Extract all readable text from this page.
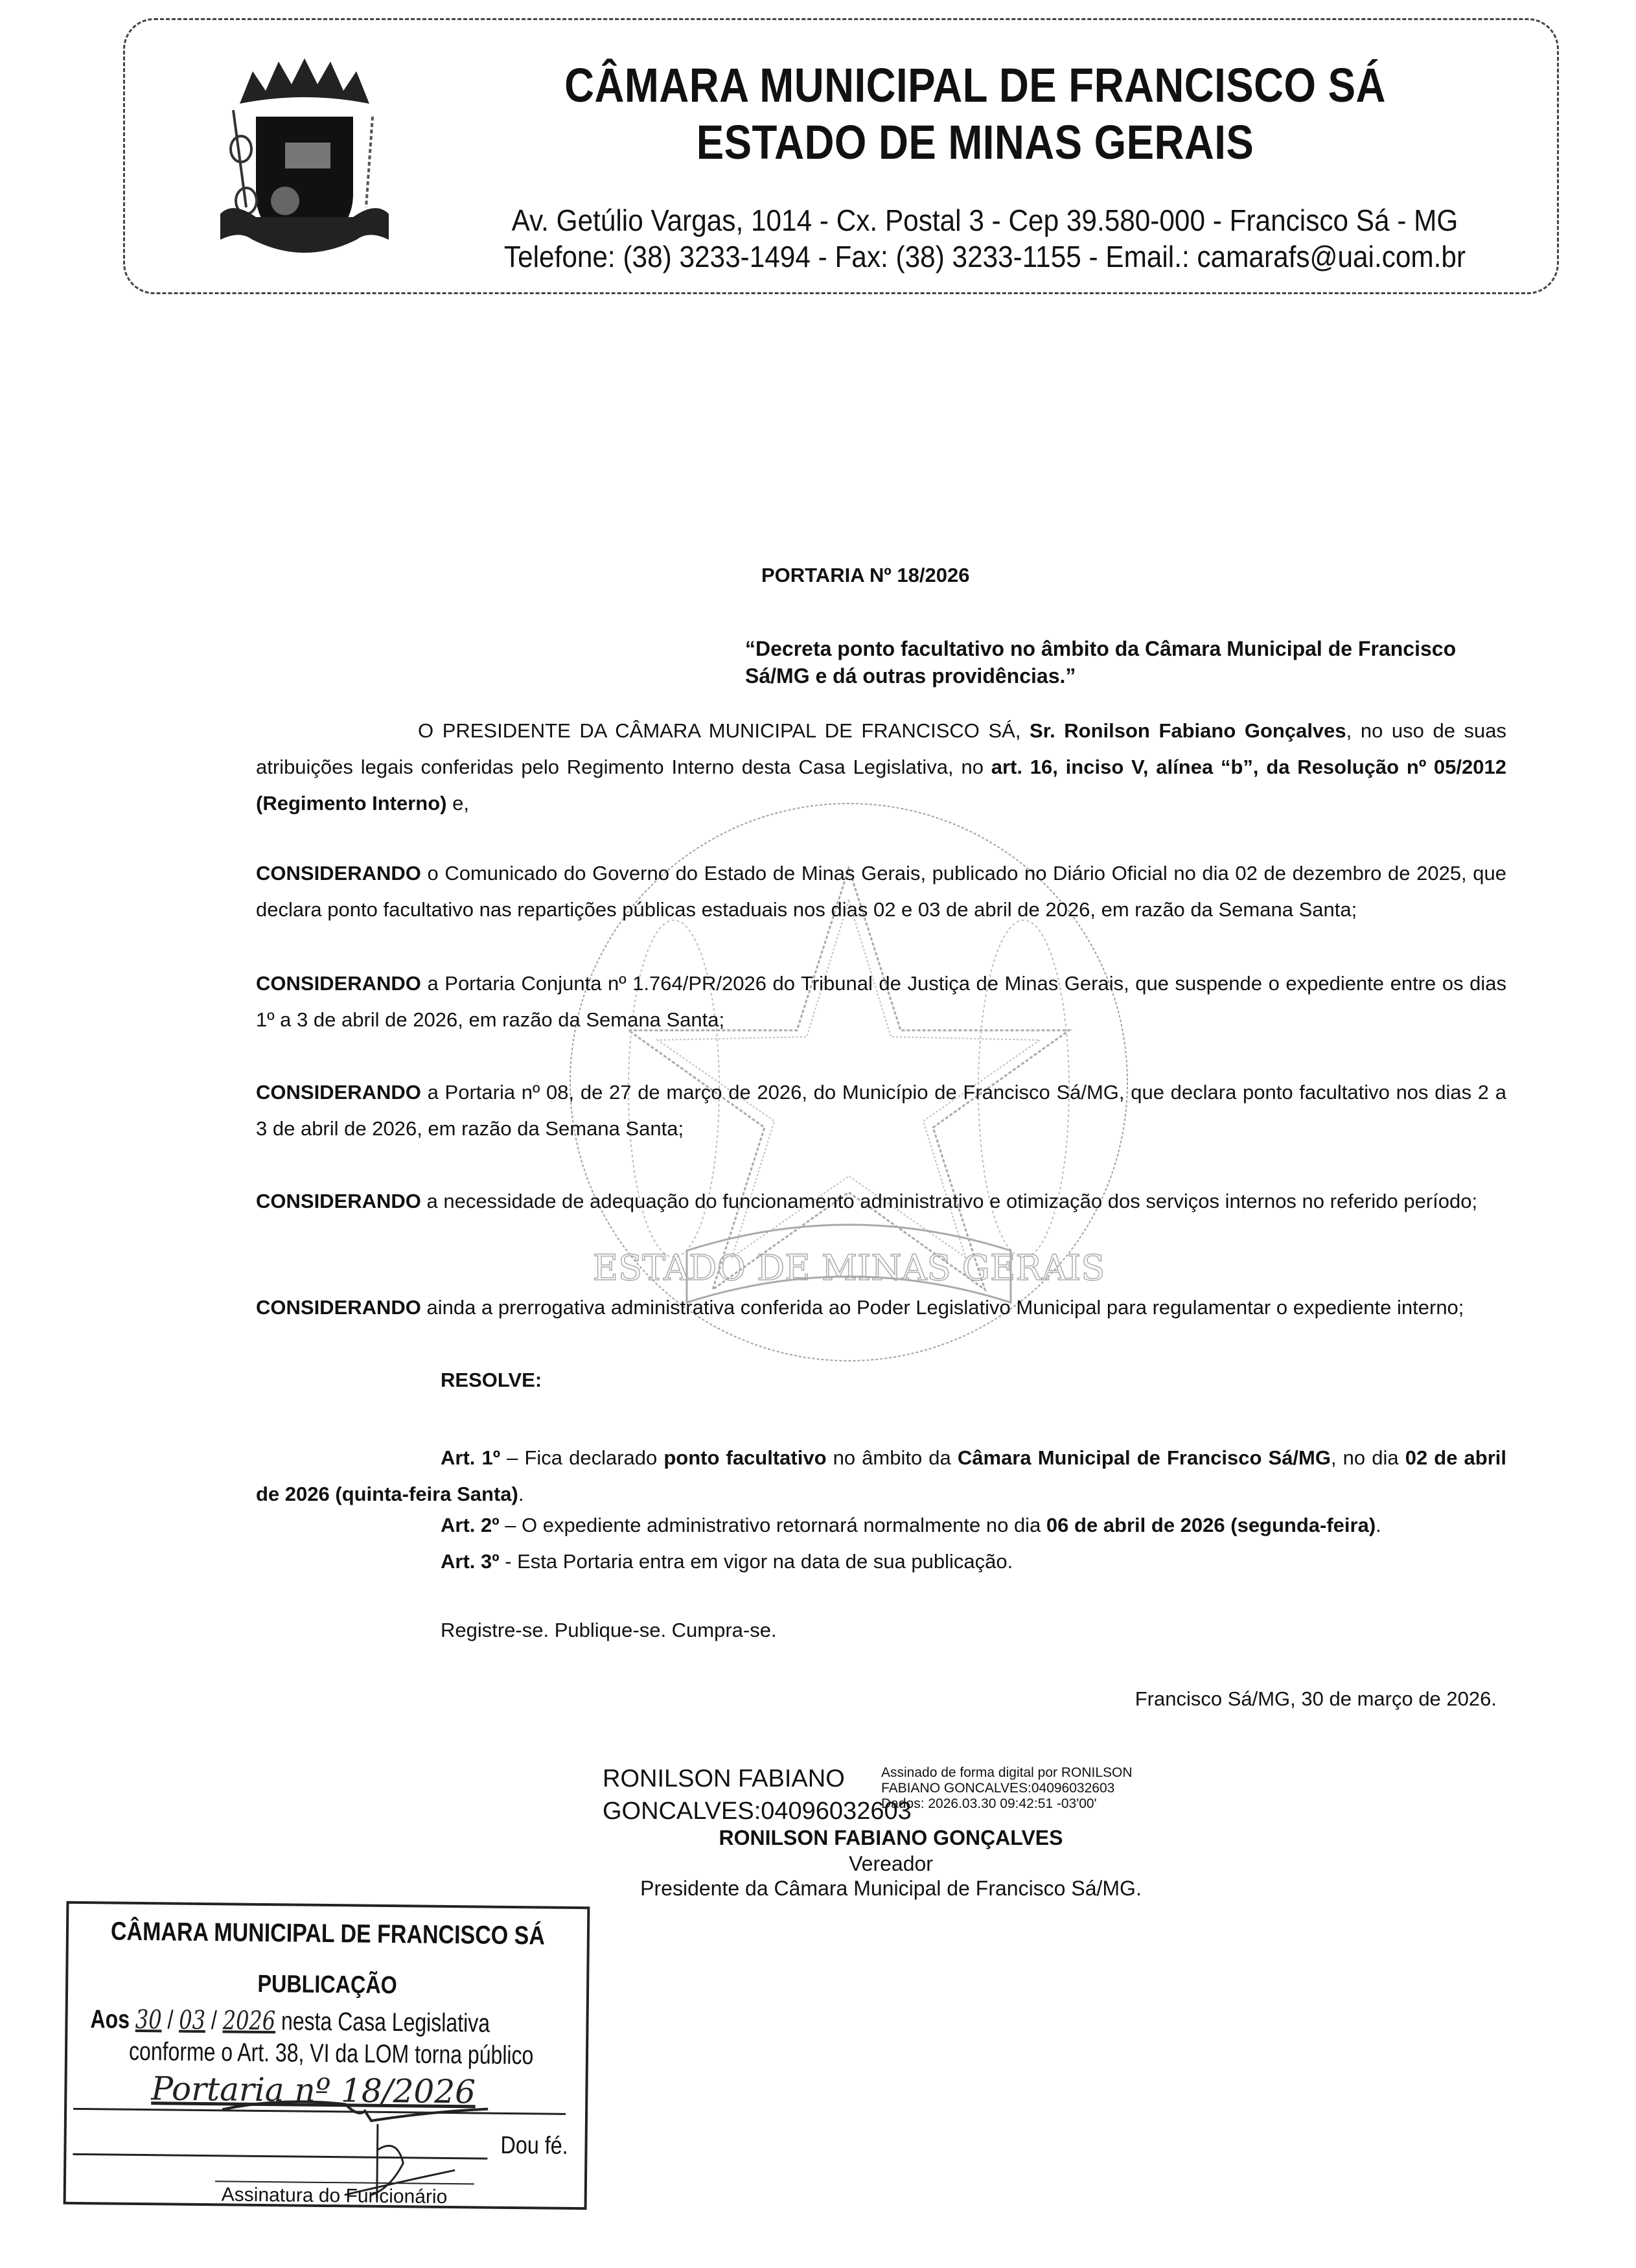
CÂMARA MUNICIPAL DE FRANCISCO SÁ
ESTADO DE MINAS GERAIS
Av. Getúlio Vargas, 1014 - Cx. Postal 3 - Cep 39.580-000 - Francisco Sá - MG
Telefone: (38) 3233-1494 - Fax: (38) 3233-1155 - Email.: camarafs@uai.com.br
ESTADO DE MINAS GERAIS
PORTARIA Nº 18/2026
“Decreta ponto facultativo no âmbito da Câmara Municipal de Francisco
Sá/MG e dá outras providências.”
O PRESIDENTE DA CÂMARA MUNICIPAL DE FRANCISCO SÁ, Sr. Ronilson Fabiano Gonçalves, no uso de suas atribuições legais conferidas pelo Regimento Interno desta Casa Legislativa, no art. 16, inciso V, alínea “b”, da Resolução nº 05/2012 (Regimento Interno) e,
CONSIDERANDO o Comunicado do Governo do Estado de Minas Gerais, publicado no Diário Oficial no dia 02 de dezembro de 2025, que declara ponto facultativo nas repartições públicas estaduais nos dias 02 e 03 de abril de 2026, em razão da Semana Santa;
CONSIDERANDO a Portaria Conjunta nº 1.764/PR/2026 do Tribunal de Justiça de Minas Gerais, que suspende o expediente entre os dias 1º a 3 de abril de 2026, em razão da Semana Santa;
CONSIDERANDO a Portaria nº 08, de 27 de março de 2026, do Município de Francisco Sá/MG, que declara ponto facultativo nos dias 2 a 3 de abril de 2026, em razão da Semana Santa;
CONSIDERANDO a necessidade de adequação do funcionamento administrativo e otimização dos serviços internos no referido período;
CONSIDERANDO ainda a prerrogativa administrativa conferida ao Poder Legislativo Municipal para regulamentar o expediente interno;
RESOLVE:
Art. 1º – Fica declarado ponto facultativo no âmbito da Câmara Municipal de Francisco Sá/MG, no dia 02 de abril de 2026 (quinta-feira Santa).
Art. 2º – O expediente administrativo retornará normalmente no dia 06 de abril de 2026 (segunda-feira).
Art. 3º - Esta Portaria entra em vigor na data de sua publicação.
Registre-se. Publique-se. Cumpra-se.
Francisco Sá/MG, 30 de março de 2026.
RONILSON FABIANO
GONCALVES:04096032603
Assinado de forma digital por RONILSON
FABIANO GONCALVES:04096032603
Dados: 2026.03.30 09:42:51 -03'00'
RONILSON FABIANO GONÇALVES
Vereador
Presidente da Câmara Municipal de Francisco Sá/MG.
CÂMARA MUNICIPAL DE FRANCISCO SÁ
PUBLICAÇÃO
Aos 30 / 03 / 2026 nesta Casa Legislativa
conforme o Art. 38, VI da LOM torna público
Portaria nº 18/2026
Dou fé.
Assinatura do Funcionário
